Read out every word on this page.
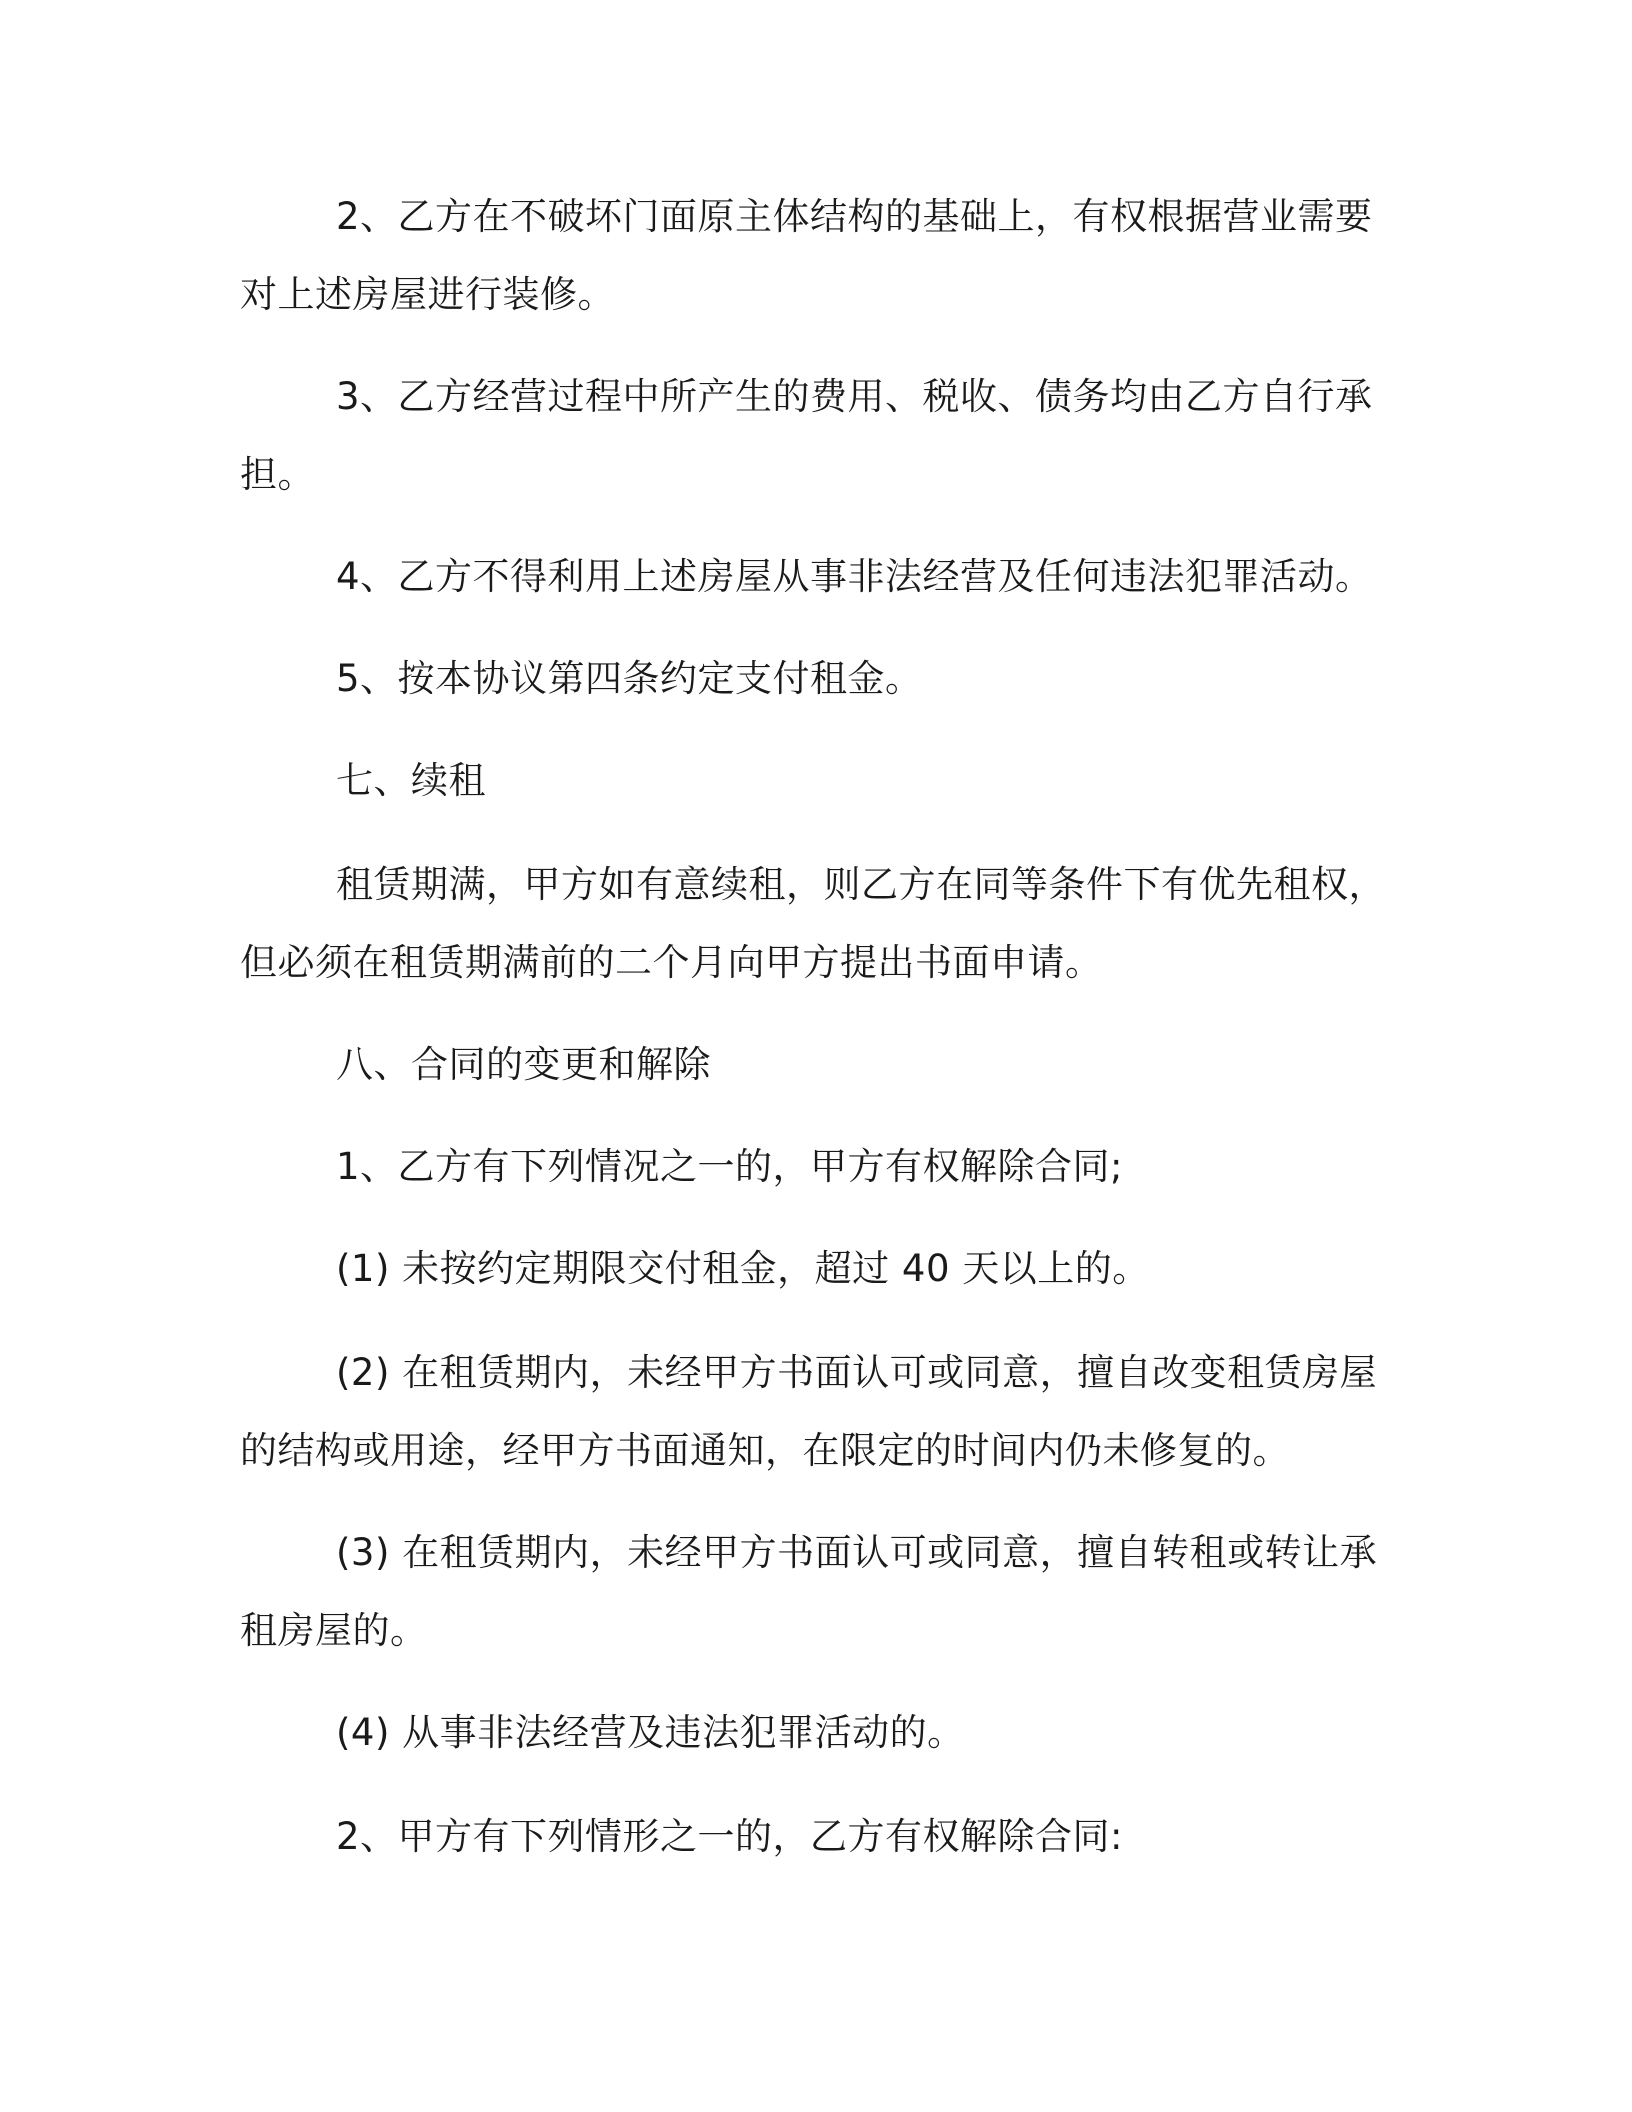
2、乙方在不破坏门面原主体结构的基础上，有权根据营业需要
对上述房屋进行装修。
3、乙方经营过程中所产生的费用、税收、债务均由乙方自行承
担。
4、乙方不得利用上述房屋从事非法经营及任何违法犯罪活动。
5、按本协议第四条约定支付租金。
七、续租
租赁期满，甲方如有意续租，则乙方在同等条件下有优先租权，
但必须在租赁期满前的二个月向甲方提出书面申请。
八、合同的变更和解除
1、乙方有下列情况之一的，甲方有权解除合同;
(1) 未按约定期限交付租金，超过 40 天以上的。
(2) 在租赁期内，未经甲方书面认可或同意，擅自改变租赁房屋
的结构或用途，经甲方书面通知，在限定的时间内仍未修复的。
(3) 在租赁期内，未经甲方书面认可或同意，擅自转租或转让承
租房屋的。
(4) 从事非法经营及违法犯罪活动的。
2、甲方有下列情形之一的，乙方有权解除合同:
